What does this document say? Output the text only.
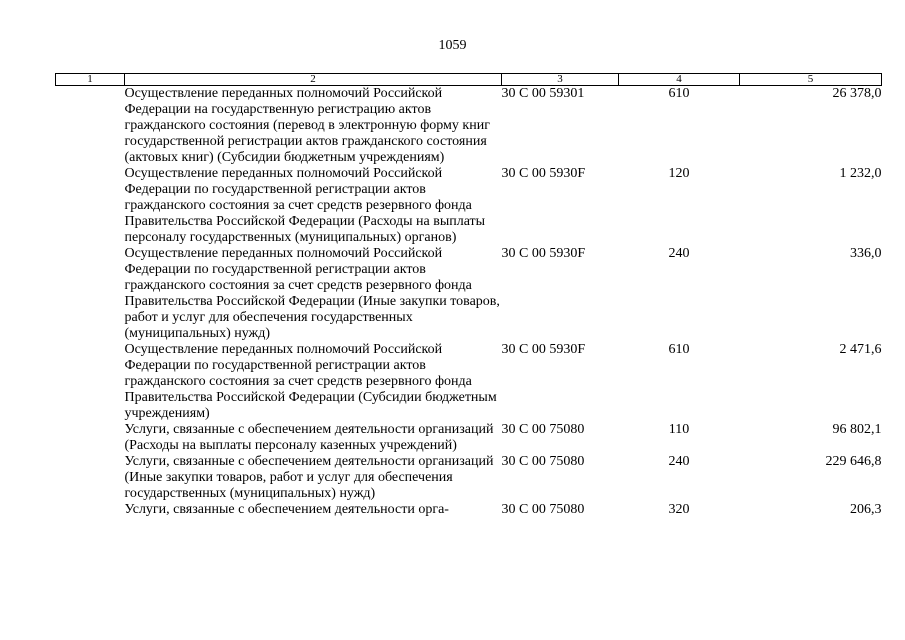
1059
1	2	3	4	5

	Осуществление переданных полномочий Российской Федерации на государственную регистрацию актов гражданского состояния (перевод в электронную форму книг государственной регистрации актов гражданского состояния (актовых книг) (Субсидии бюджетным учреждениям)	30 С 00 59301	610	26 378,0

	Осуществление переданных полномочий Российской Федерации по государственной регистрации актов гражданского состояния за счет средств резервного фонда Правительства Российской Федерации (Расходы на выплаты персоналу государственных (муниципальных) органов)	30 С 00 5930F	120	1 232,0

	Осуществление переданных полномочий Российской Федерации по государственной регистрации актов гражданского состояния за счет средств резервного фонда Правительства Российской Федерации (Иные закупки товаров, работ и услуг для обеспечения государственных (муниципальных) нужд)	30 С 00 5930F	240	336,0

	Осуществление переданных полномочий Российской Федерации по государственной регистрации актов гражданского состояния за счет средств резервного фонда Правительства Российской Федерации (Субсидии бюджетным учреждениям)	30 С 00 5930F	610	2 471,6

	Услуги, связанные с обеспечением деятельности организаций (Расходы на выплаты персоналу казенных учреждений)	30 С 00 75080	110	96 802,1

	Услуги, связанные с обеспечением деятельности организаций (Иные закупки товаров, работ и услуг для обеспечения государственных (муниципальных) нужд)	30 С 00 75080	240	229 646,8

	Услуги, связанные с обеспечением деятельности орга-	30 С 00 75080	320	206,3
